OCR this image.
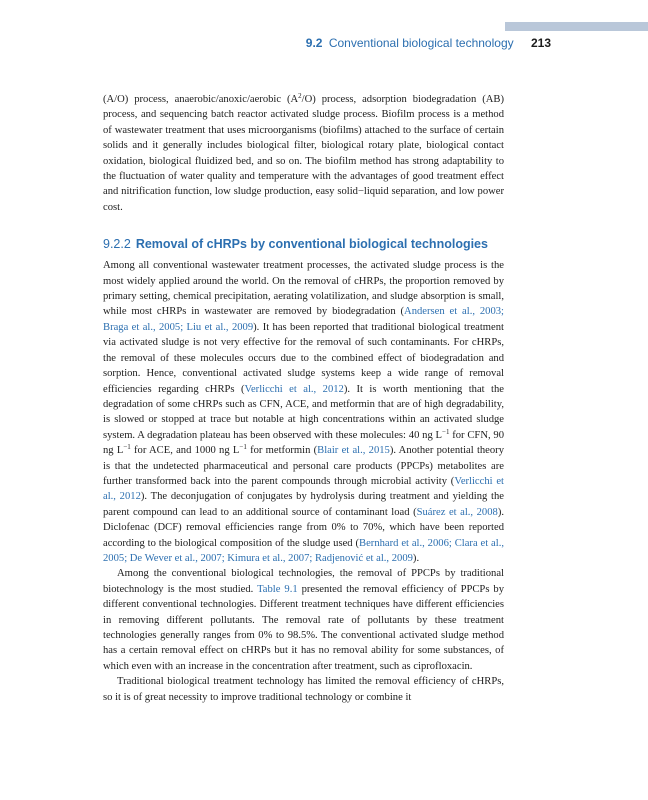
9.2 Conventional biological technology 213

(A/O) process, anaerobic/anoxic/aerobic $(A^2/O)$ process, adsorption biodegradation (AB) process, and sequencing batch reactor activated sludge process. Biofilm process is a method of wastewater treatment that uses microorganisms (biofilms) attached to the surface of certain solids and it generally includes biological filter, biological rotary plate, biological contact oxidation, biological fluidized bed, and so on. The biofilm method has strong adaptability to the fluctuation of water quality and temperature with the advantages of good treatment effect and nitrification function, low sludge production, easy solid−liquid separation, and low power cost.

9.2.2 Removal of cHRPs by conventional biological technologies

Among all conventional wastewater treatment processes, the activated sludge process is the most widely applied around the world. On the removal of cHRPs, the proportion removed by primary setting, chemical precipitation, aerating volatilization, and sludge absorption is small, while most cHRPs in wastewater are removed by biodegradation (Andersen et al., 2003; Braga et al., 2005; Liu et al., 2009). It has been reported that traditional biological treatment via activated sludge is not very effective for the removal of such contaminants. For cHRPs, the removal of these molecules occurs due to the combined effect of biodegradation and sorption. Hence, conventional activated sludge systems keep a wide range of removal efficiencies regarding cHRPs (Verlicchi et al., 2012). It is worth mentioning that the degradation of some cHRPs such as CFN, ACE, and metformin that are of high degradability, is slowed or stopped at trace but notable at high concentrations within an activated sludge system. A degradation plateau has been observed with these molecules: 40 ng $L^{-1}$ for CFN, 90 ng $L^{-1}$ for ACE, and 1000 ng $L^{-1}$ for metformin (Blair et al., 2015). Another potential theory is that the undetected pharmaceutical and personal care products (PPCPs) metabolites are further transformed back into the parent compounds through microbial activity (Verlicchi et al., 2012). The deconjugation of conjugates by hydrolysis during treatment and yielding the parent compound can lead to an additional source of contaminant load (Suárez et al., 2008). Diclofenac (DCF) removal efficiencies range from 0% to 70%, which have been reported according to the biological composition of the sludge used (Bernhard et al., 2006; Clara et al., 2005; De Wever et al., 2007; Kimura et al., 2007; Radjenović et al., 2009).

Among the conventional biological technologies, the removal of PPCPs by traditional biotechnology is the most studied. Table 9.1 presented the removal efficiency of PPCPs by different conventional technologies. Different treatment techniques have different efficiencies in removing different pollutants. The removal rate of pollutants by these treatment technologies generally ranges from 0% to 98.5%. The conventional activated sludge method has a certain removal effect on cHRPs but it has no removal ability for some substances, of which even with an increase in the concentration after treatment, such as ciprofloxacin.

Traditional biological treatment technology has limited the removal efficiency of cHRPs, so it is of great necessity to improve traditional technology or combine it
